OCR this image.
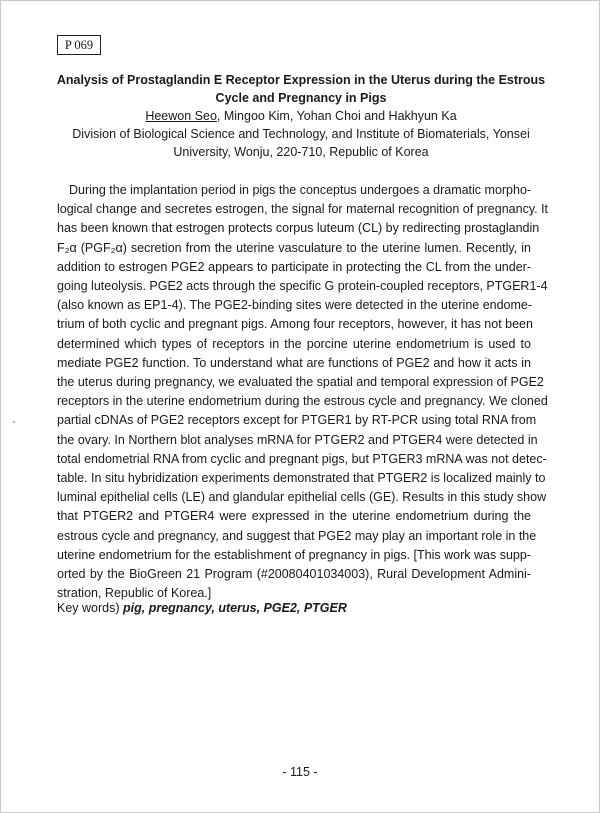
P 069
Analysis of Prostaglandin E Receptor Expression in the Uterus during the Estrous Cycle and Pregnancy in Pigs
Heewon Seo, Mingoo Kim, Yohan Choi and Hakhyun Ka
Division of Biological Science and Technology, and Institute of Biomaterials, Yonsei
University, Wonju, 220-710, Republic of Korea
During the implantation period in pigs the conceptus undergoes a dramatic morpho-
logical change and secretes estrogen, the signal for maternal recognition of pregnancy. It
has been known that estrogen protects corpus luteum (CL) by redirecting prostaglandin
F₂α (PGF₂α) secretion from the uterine vasculature to the uterine lumen. Recently, in
addition to estrogen PGE2 appears to participate in protecting the CL from the under-
going luteolysis. PGE2 acts through the specific G protein-coupled receptors, PTGER1-4
(also known as EP1-4). The PGE2-binding sites were detected in the uterine endome-
trium of both cyclic and pregnant pigs. Among four receptors, however, it has not been
determined which types of receptors in the porcine uterine endometrium is used to
mediate PGE2 function. To understand what are functions of PGE2 and how it acts in
the uterus during pregnancy, we evaluated the spatial and temporal expression of PGE2
receptors in the uterine endometrium during the estrous cycle and pregnancy. We cloned
partial cDNAs of PGE2 receptors except for PTGER1 by RT-PCR using total RNA from
the ovary. In Northern blot analyses mRNA for PTGER2 and PTGER4 were detected in
total endometrial RNA from cyclic and pregnant pigs, but PTGER3 mRNA was not detec-
table. In situ hybridization experiments demonstrated that PTGER2 is localized mainly to
luminal epithelial cells (LE) and glandular epithelial cells (GE). Results in this study show
that PTGER2 and PTGER4 were expressed in the uterine endometrium during the
estrous cycle and pregnancy, and suggest that PGE2 may play an important role in the
uterine endometrium for the establishment of pregnancy in pigs. [This work was supp-
orted by the BioGreen 21 Program (#20080401034003), Rural Development Admini-
stration, Republic of Korea.]
Key words) pig, pregnancy, uterus, PGE2, PTGER
- 115 -
